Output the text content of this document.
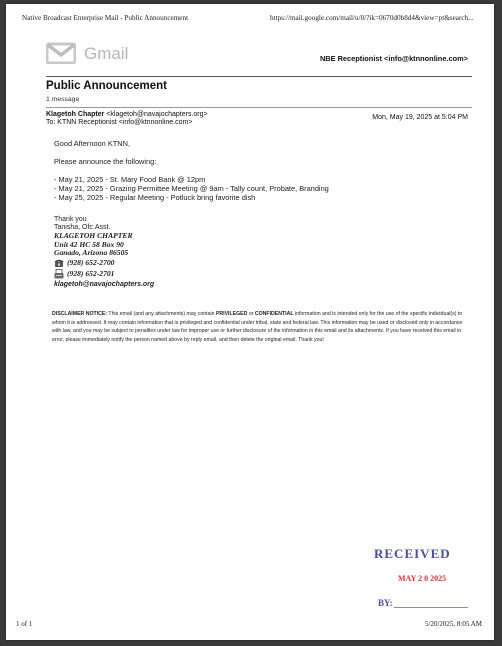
Native Broadcast Enterprise Mail - Public Announcement	https://mail.google.com/mail/u/0/?ik=0670d0b8d4&view=pt&search...
Gmail	NBE Receptionist <info@ktnnonline.com>
Public Announcement
1 message
Klagetoh Chapter <klagetoh@navajochapters.org>
To: KTNN Receptionist <info@ktnnonline.com>
Mon, May 19, 2025 at 5:04 PM
Good Afternoon KTNN,
Please announce the following:
- May 21, 2025 - St. Mary Food Bank @ 12pm
- May 21, 2025 - Grazing Permittee Meeting @ 9am - Tally count, Probate, Branding
- May 25, 2025 - Regular Meeting - Potluck bring favorite dish
Thank you
Tanisha, Ofc.Asst.
KLAGETOH CHAPTER
Unit 42 HC 58 Box 90
Ganado, Arizona 86505
(928) 652-2700
(928) 652-2701
klagetoh@navajochapters.org
DISCLAIMER NOTICE: This email (and any attachments) may contain PRIVILEGED or CONFIDENTIAL information and is intended only for the use of the specific individual(s) to whom it is addressed. It may contain information that is privileged and confidential under tribal, state and federal law. This information may be used or disclosed only in accordance with law, and you may be subject to penalties under law for improper use or further disclosure of the information in this email and its attachments. If you have received this email in error, please immediately notify the person named above by reply email, and then delete the original email. Thank you!
RECEIVED
MAY 2 0 2025
BY:
1 of 1	5/20/2025, 8:05 AM
